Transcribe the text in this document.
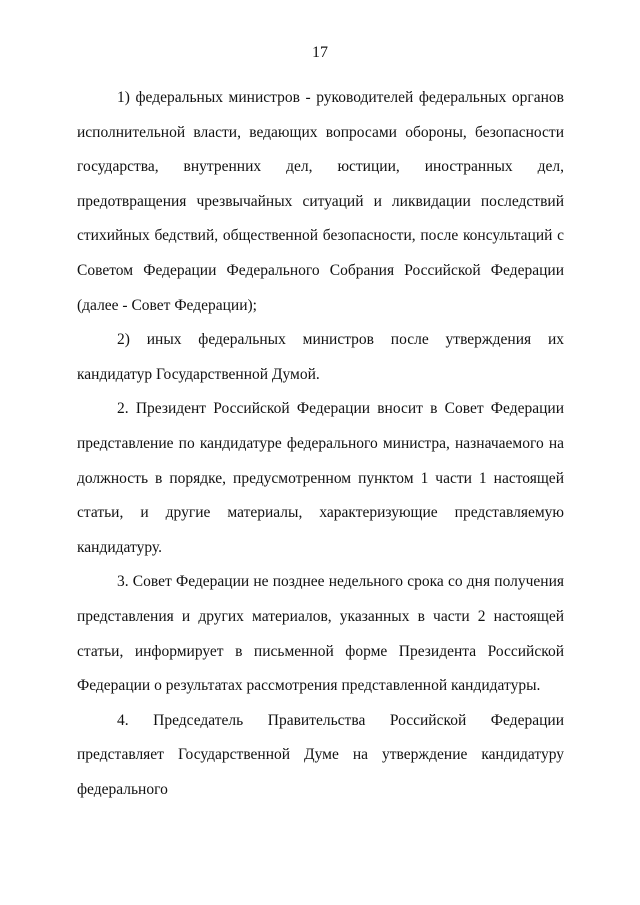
17

1) федеральных министров - руководителей федеральных органов исполнительной власти, ведающих вопросами обороны, безопасности государства, внутренних дел, юстиции, иностранных дел, предотвращения чрезвычайных ситуаций и ликвидации последствий стихийных бедствий, общественной безопасности, после консультаций с Советом Федерации Федерального Собрания Российской Федерации (далее - Совет Федерации);

2) иных федеральных министров после утверждения их кандидатур Государственной Думой.

2. Президент Российской Федерации вносит в Совет Федерации представление по кандидатуре федерального министра, назначаемого на должность в порядке, предусмотренном пунктом 1 части 1 настоящей статьи, и другие материалы, характеризующие представляемую кандидатуру.

3. Совет Федерации не позднее недельного срока со дня получения представления и других материалов, указанных в части 2 настоящей статьи, информирует в письменной форме Президента Российской Федерации о результатах рассмотрения представленной кандидатуры.

4. Председатель Правительства Российской Федерации представляет Государственной Думе на утверждение кандидатуру федерального
